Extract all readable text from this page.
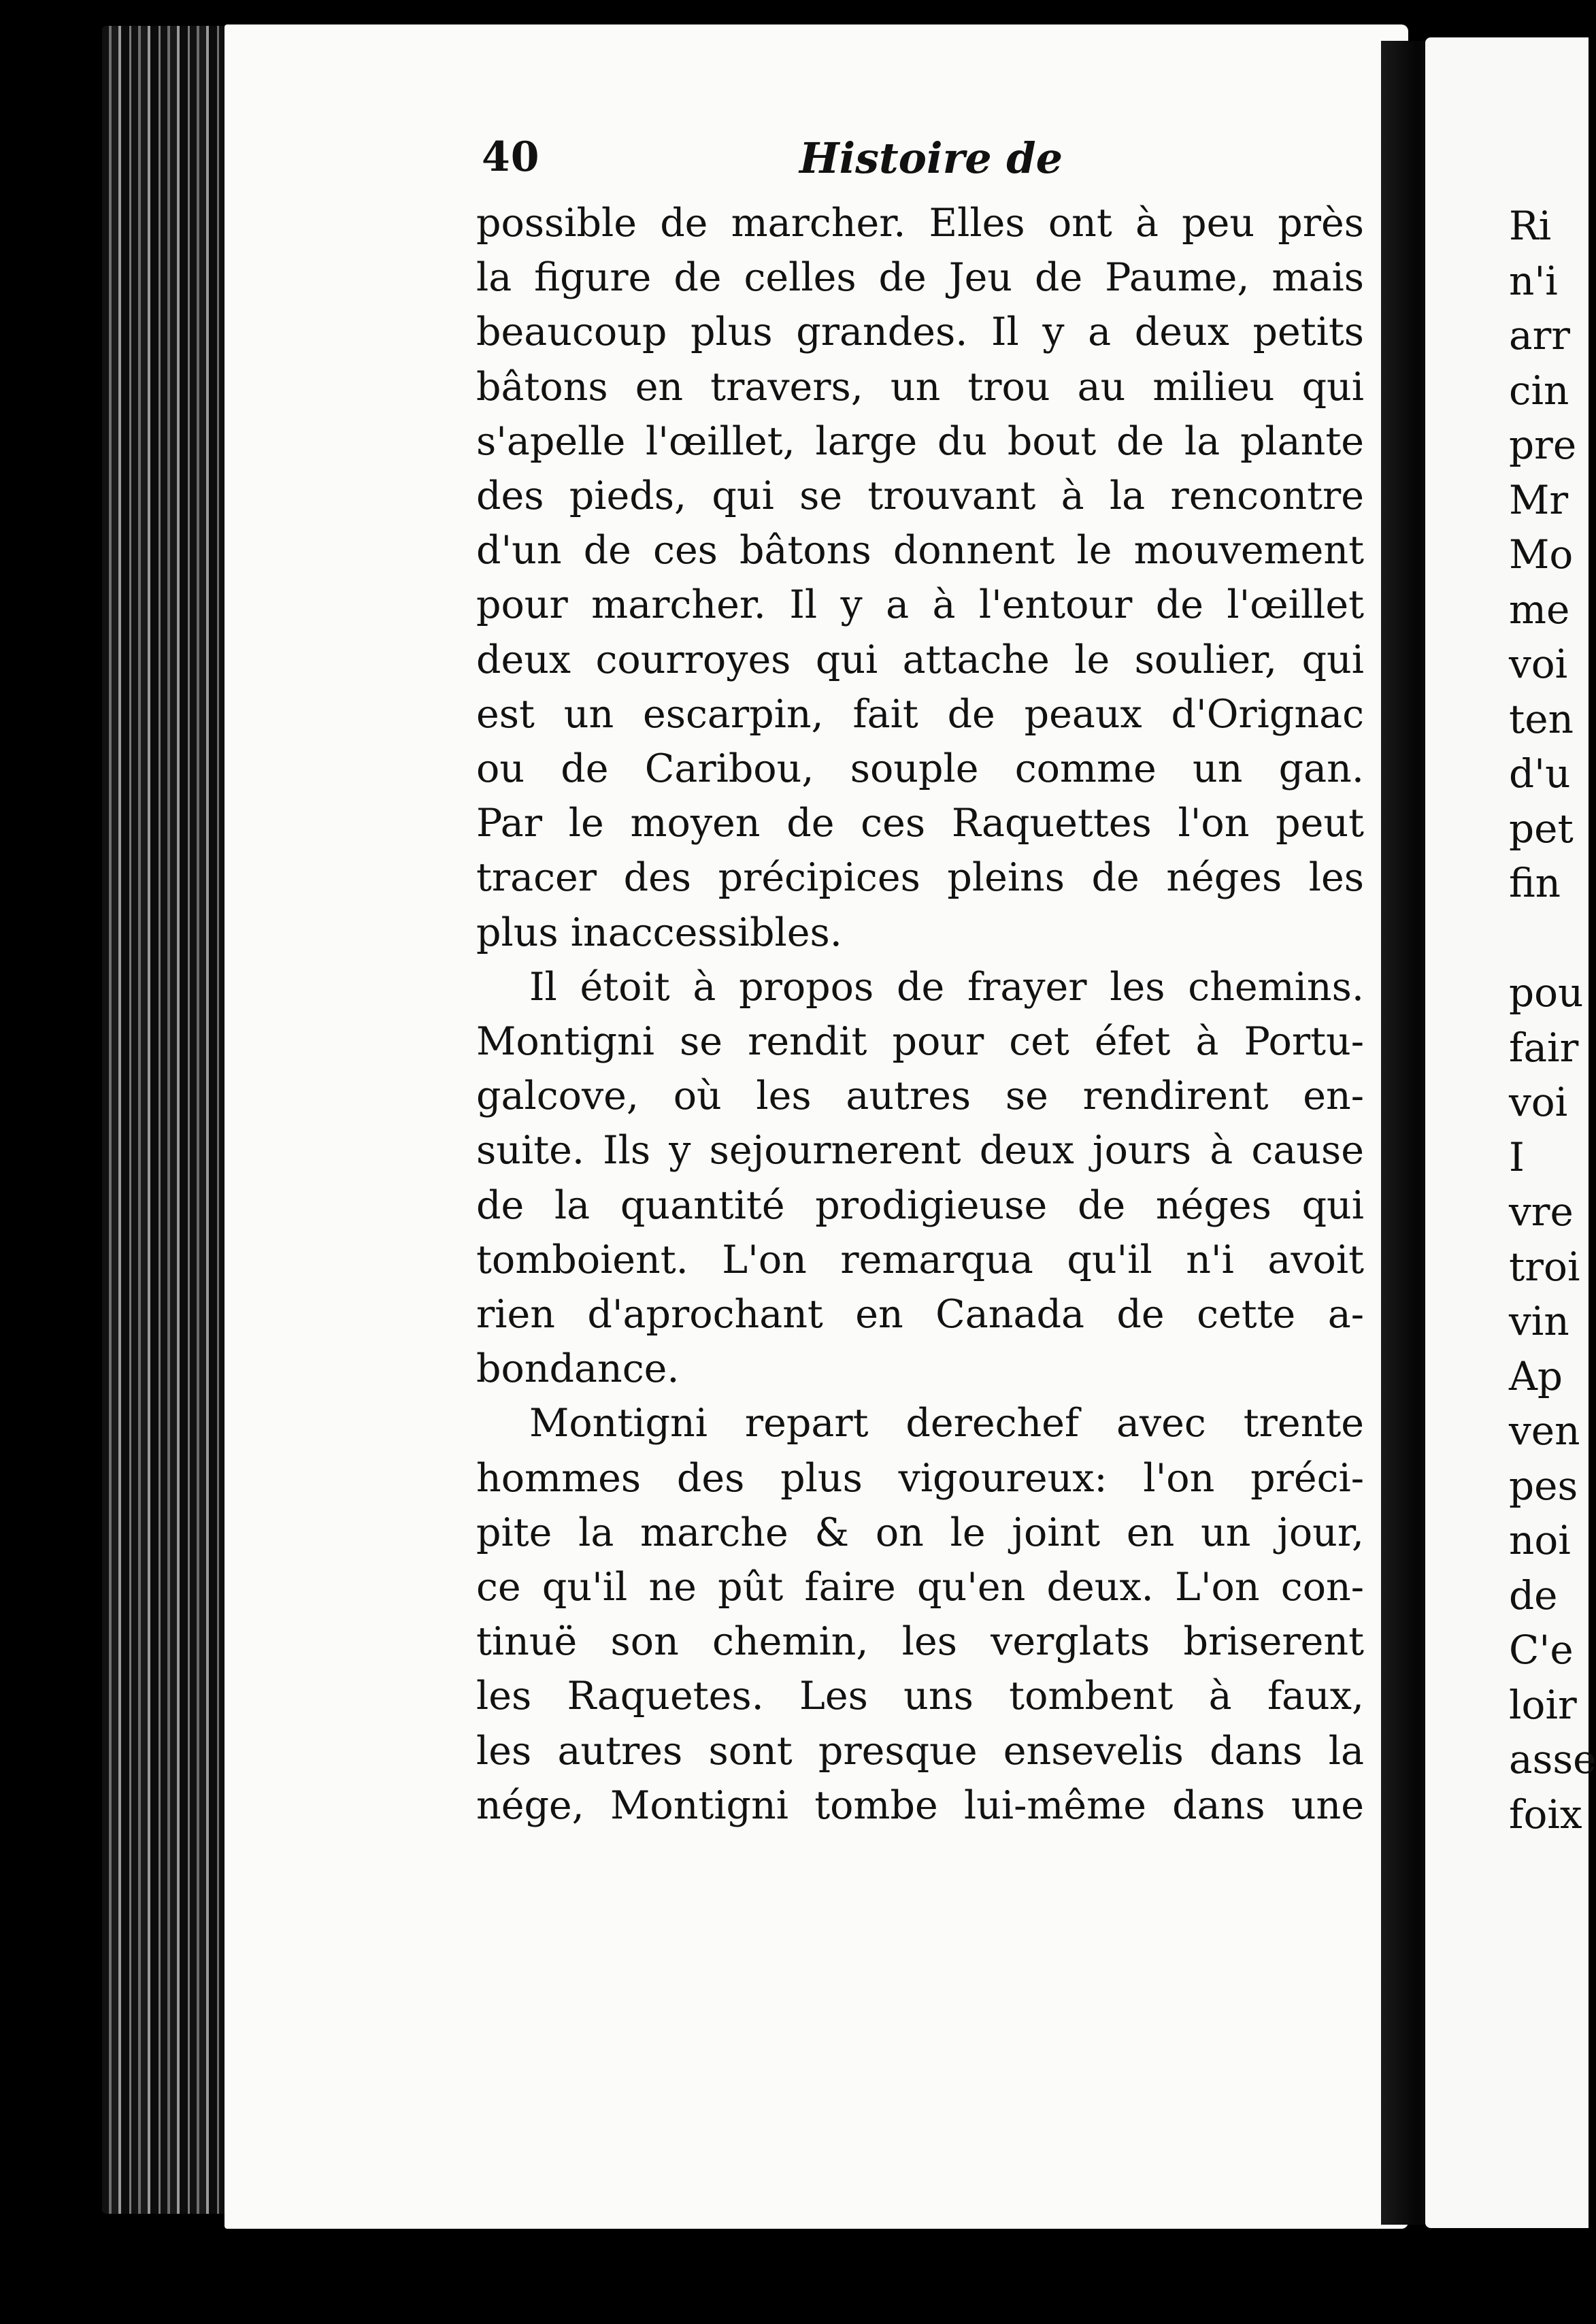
Ri
n'i
arr
cin
pre
Mr
Mo
me
voi
ten
d'u
pet
fin

pou
fair
voi
I
vre
troi
vin
Ap
ven
pes
noi
de
C'e
loir
asse
foix
40	Histoire de
possible de marcher. Elles ont à peu près
la figure de celles de Jeu de Paume, mais
beaucoup plus grandes. Il y a deux petits
bâtons en travers, un trou au milieu qui
s'apelle l'œillet, large du bout de la plante
des pieds, qui se trouvant à la rencontre
d'un de ces bâtons donnent le mouvement
pour marcher. Il y a à l'entour de l'œillet
deux courroyes qui attache le soulier, qui
est un escarpin, fait de peaux d'Orignac
ou de Caribou, souple comme un gan.
Par le moyen de ces Raquettes l'on peut
tracer des précipices pleins de néges les
plus inaccessibles.
Il étoit à propos de frayer les chemins.
Montigni se rendit pour cet éfet à Portu-
galcove, où les autres se rendirent en-
suite. Ils y sejournerent deux jours à cause
de la quantité prodigieuse de néges qui
tomboient. L'on remarqua qu'il n'i avoit
rien d'aprochant en Canada de cette a-
bondance.
Montigni repart derechef avec trente
hommes des plus vigoureux: l'on préci-
pite la marche & on le joint en un jour,
ce qu'il ne pût faire qu'en deux. L'on con-
tinuë son chemin, les verglats briserent
les Raquetes. Les uns tombent à faux,
les autres sont presque ensevelis dans la
nége, Montigni tombe lui-même dans une
